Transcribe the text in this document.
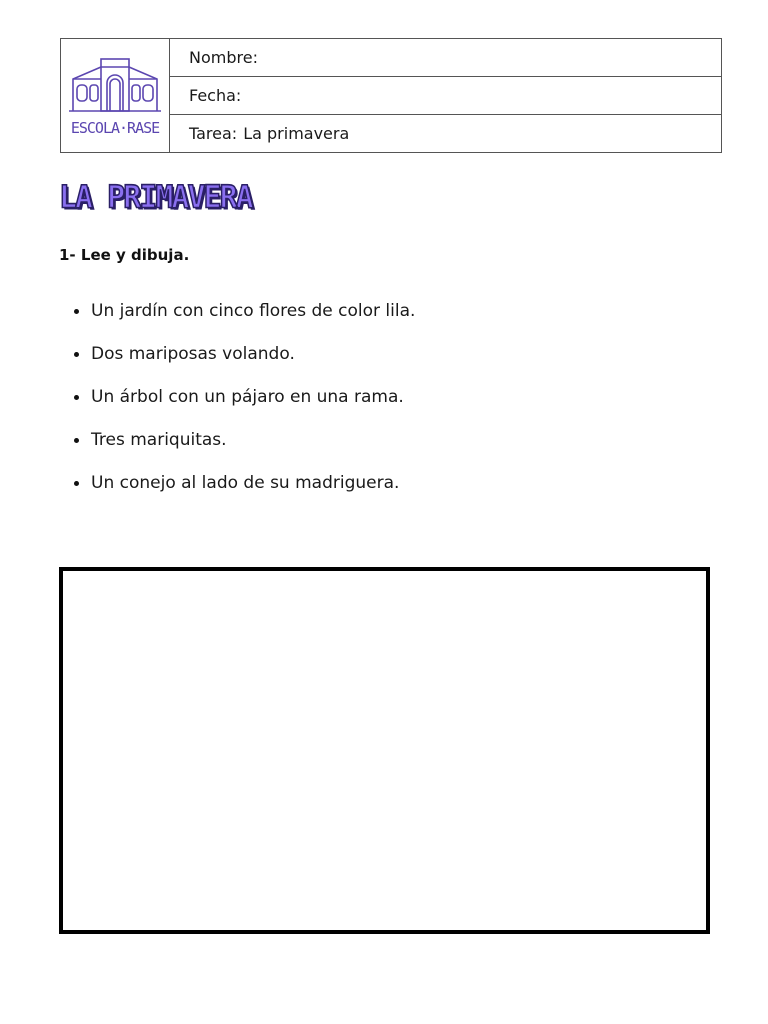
ESCOLA·RASE
Nombre:
Fecha:
Tarea: La primavera
LA PRIMAVERA
1- Lee y dibuja.
Un jardín con cinco flores de color lila.
Dos mariposas volando.
Un árbol con un pájaro en una rama.
Tres mariquitas.
Un conejo al lado de su madriguera.
